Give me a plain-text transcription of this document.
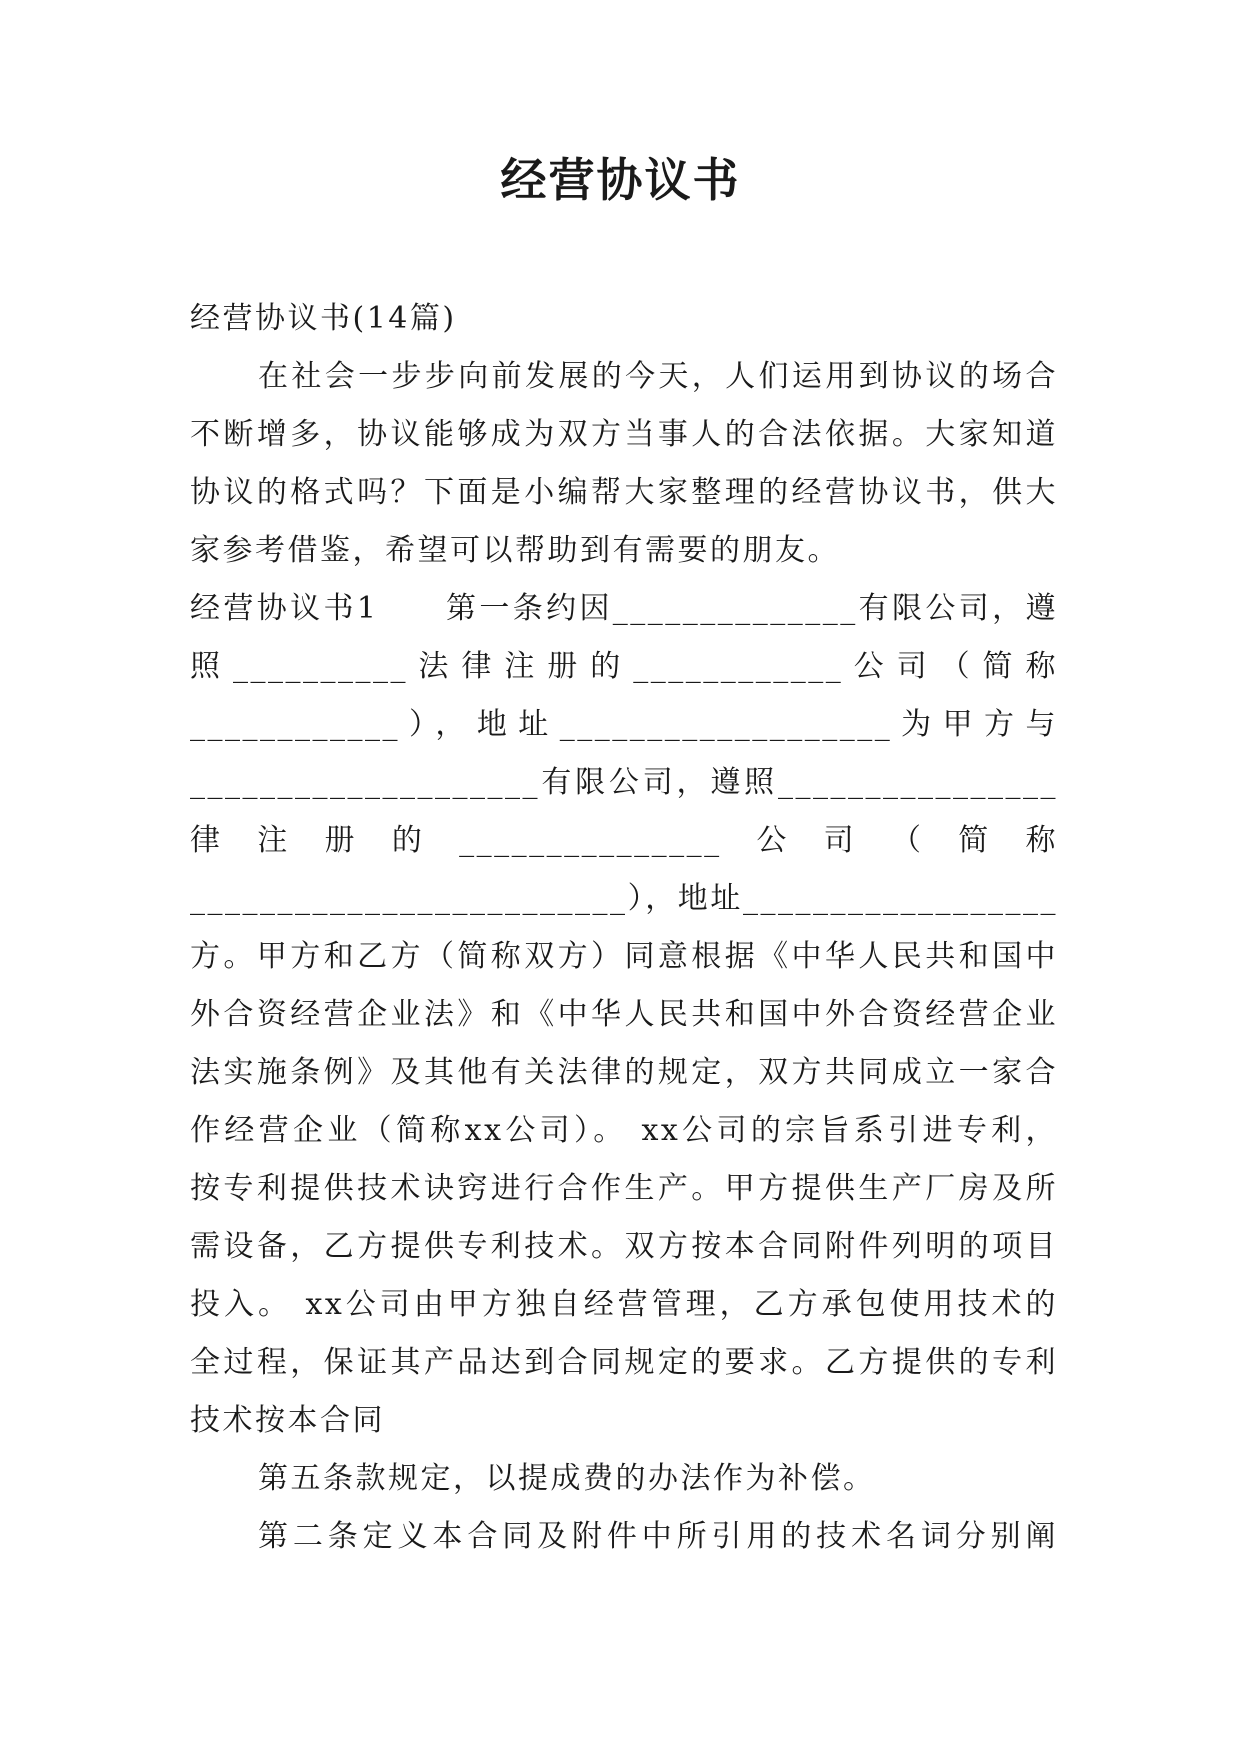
经营协议书
经营协议书(14篇)
在社会一步步向前发展的今天，人们运用到协议的场合
不断增多，协议能够成为双方当事人的合法依据。大家知道
协议的格式吗？下面是小编帮大家整理的经营协议书，供大
家参考借鉴，希望可以帮助到有需要的朋友。
经营协议书1　　第一条约因______________有限公司，遵
照__________法律注册的____________公司（简称
____________），地址___________________为甲方与
____________________有限公司，遵照________________
律注册的_______________公司（简称
_________________________），地址__________________
方。甲方和乙方（简称双方）同意根据《中华人民共和国中
外合资经营企业法》和《中华人民共和国中外合资经营企业
法实施条例》及其他有关法律的规定，双方共同成立一家合
作经营企业（简称xx公司）。 xx公司的宗旨系引进专利，
按专利提供技术诀窍进行合作生产。甲方提供生产厂房及所
需设备，乙方提供专利技术。双方按本合同附件列明的项目
投入。 xx公司由甲方独自经营管理，乙方承包使用技术的
全过程，保证其产品达到合同规定的要求。乙方提供的专利
技术按本合同
第五条款规定，以提成费的办法作为补偿。
第二条定义本合同及附件中所引用的技术名词分别阐
